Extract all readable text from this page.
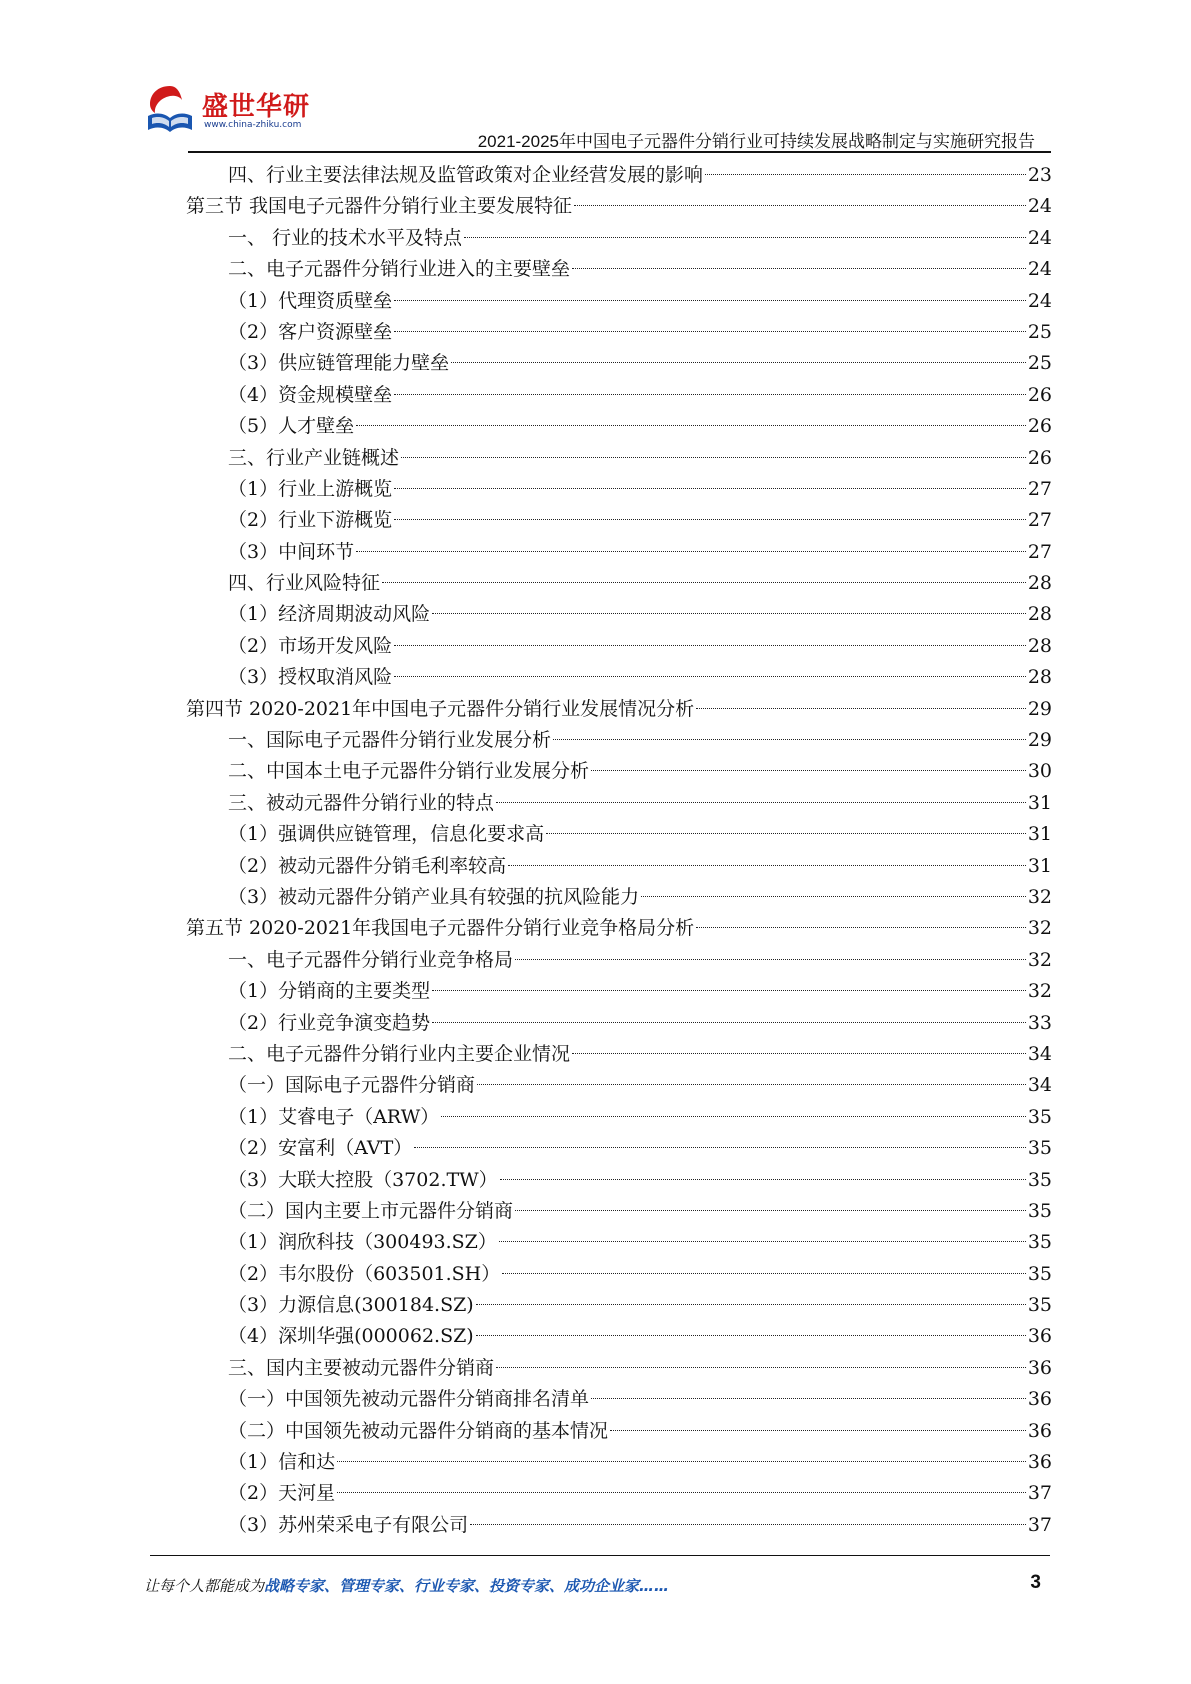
盛世华研
www.china-zhiku.com
2021-2025年中国电子元器件分销行业可持续发展战略制定与实施研究报告
四、行业主要法律法规及监管政策对企业经营发展的影响	23
第三节 我国电子元器件分销行业主要发展特征	24
一、 行业的技术水平及特点	24
二、电子元器件分销行业进入的主要壁垒	24
（1）代理资质壁垒	24
（2）客户资源壁垒	25
（3）供应链管理能力壁垒	25
（4）资金规模壁垒	26
（5）人才壁垒	26
三、行业产业链概述	26
（1）行业上游概览	27
（2）行业下游概览	27
（3）中间环节	27
四、行业风险特征	28
（1）经济周期波动风险	28
（2）市场开发风险	28
（3）授权取消风险	28
第四节 2020-2021年中国电子元器件分销行业发展情况分析	29
一、国际电子元器件分销行业发展分析	29
二、中国本土电子元器件分销行业发展分析	30
三、被动元器件分销行业的特点	31
（1）强调供应链管理，信息化要求高	31
（2）被动元器件分销毛利率较高	31
（3）被动元器件分销产业具有较强的抗风险能力	32
第五节 2020-2021年我国电子元器件分销行业竞争格局分析	32
一、电子元器件分销行业竞争格局	32
（1）分销商的主要类型	32
（2）行业竞争演变趋势	33
二、电子元器件分销行业内主要企业情况	34
（一）国际电子元器件分销商	34
（1）艾睿电子（ARW）	35
（2）安富利（AVT）	35
（3）大联大控股（3702.TW）	35
（二）国内主要上市元器件分销商	35
（1）润欣科技（300493.SZ）	35
（2）韦尔股份（603501.SH）	35
（3）力源信息(300184.SZ)	35
（4）深圳华强(000062.SZ)	36
三、国内主要被动元器件分销商	36
（一）中国领先被动元器件分销商排名清单	36
（二）中国领先被动元器件分销商的基本情况	36
（1）信和达	36
（2）天河星	37
（3）苏州荣采电子有限公司	37
让每个人都能成为战略专家、管理专家、行业专家、投资专家、成功企业家……	3
